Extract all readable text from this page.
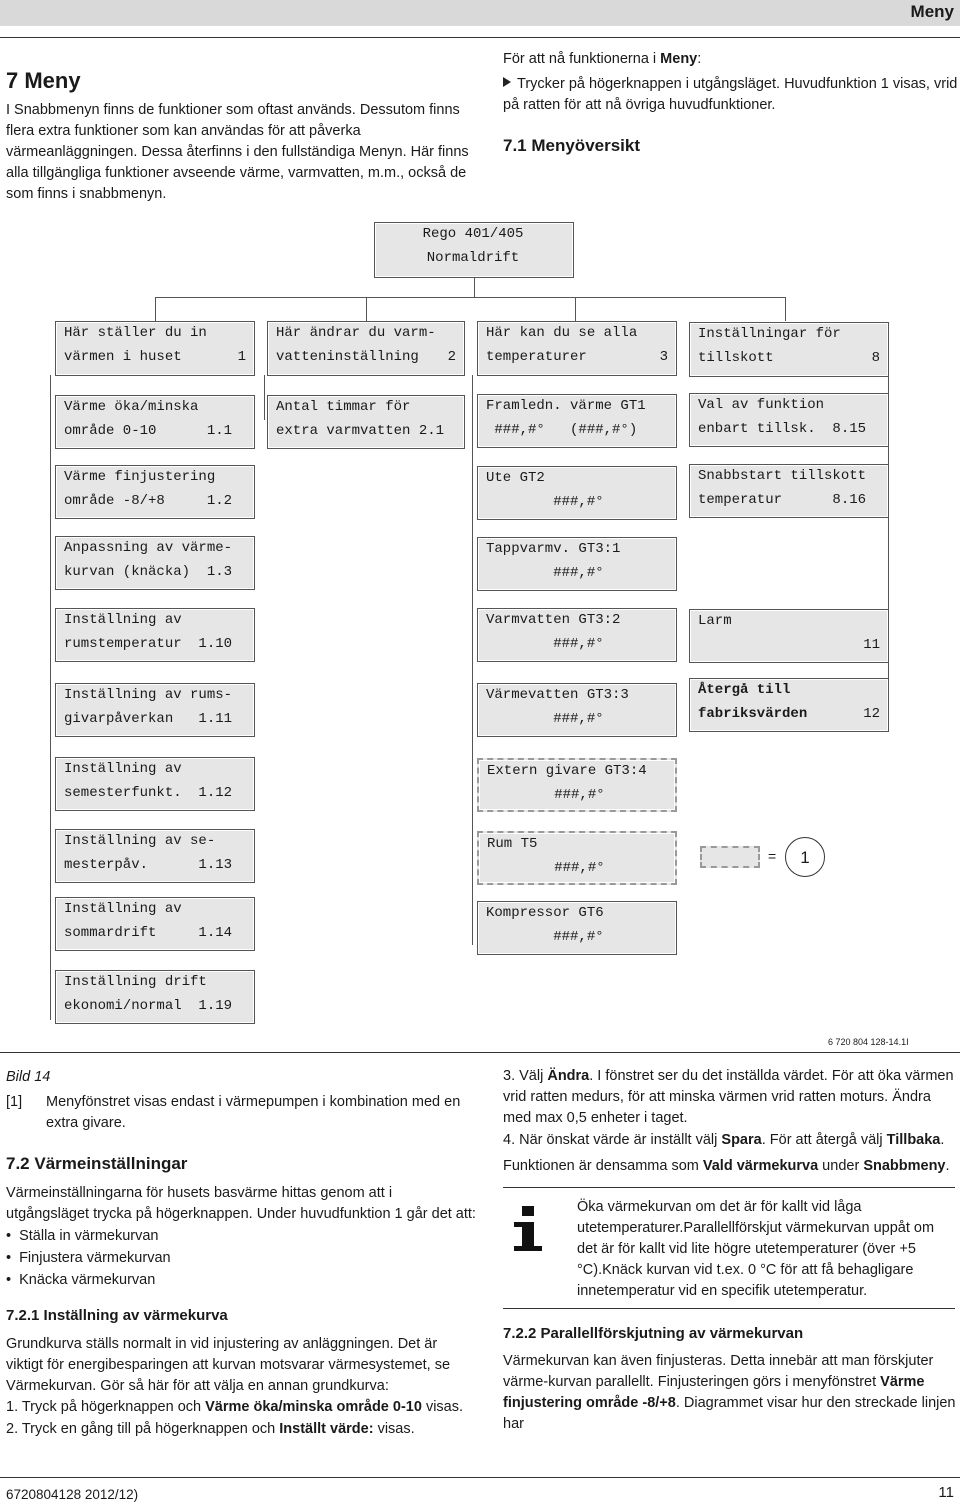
Meny
7 Meny
I Snabbmenyn finns de funktioner som oftast används. Dessutom finns flera extra funktioner som kan användas för att påverka värmeanläggningen. Dessa återfinns i den fullständiga Menyn. Här finns alla tillgängliga funktioner avseende värme, varmvatten, m.m., också de som finns i snabbmenyn.
För att nå funktionerna i Meny:
Trycker på högerknappen i utgångsläget. Huvudfunktion 1 visas, vrid på ratten för att nå övriga huvudfunktioner.
7.1 Menyöversikt
Rego 401/405
Normaldrift
Här ställer du in
värmen i huset	1
Här ändrar du varm-
vatteninställning	2
Här kan du se alla
temperaturer	3
Inställningar för
tillskott	8
Värme öka/minska
område 0-10      1.1
Värme finjustering
område -8/+8     1.2
Anpassning av värme-
kurvan (knäcka)  1.3
Inställning av
rumstemperatur  1.10
Inställning av rums-
givarpåverkan   1.11
Inställning av
semesterfunkt.  1.12
Inställning av se-
mesterpåv.      1.13
Inställning av
sommardrift     1.14
Inställning drift
ekonomi/normal  1.19
Antal timmar för
extra varmvatten 2.1
Framledn. värme GT1
###,#°   (###,#°)
Ute GT2
###,#°
Tappvarmv. GT3:1
###,#°
Varmvatten GT3:2
###,#°
Värmevatten GT3:3
###,#°
Extern givare GT3:4
###,#°
Rum T5
###,#°
Kompressor GT6
###,#°
Val av funktion
enbart tillsk.  8.15
Snabbstart tillskott
temperatur      8.16
Larm
11
Återgå till
fabriksvärden	12
=	1
6 720 804 128-14.1I
Bild 14
[1] Menyfönstret visas endast i värmepumpen i kombination med en extra givare.
7.2 Värmeinställningar
Värmeinställningarna för husets basvärme hittas genom att i utgångsläget trycka på högerknappen. Under huvudfunktion 1 går det att:
• Ställa in värmekurvan
• Finjustera värmekurvan
• Knäcka värmekurvan
7.2.1 Inställning av värmekurva
Grundkurva ställs normalt in vid injustering av anläggningen. Det är viktigt för energibesparingen att kurvan motsvarar värmesystemet, se Värmekurvan. Gör så här för att välja en annan grundkurva:
1. Tryck på högerknappen och Värme öka/minska område 0-10 visas.
2. Tryck en gång till på högerknappen och Inställt värde: visas.
3. Välj Ändra. I fönstret ser du det inställda värdet. För att öka värmen vrid ratten medurs, för att minska värmen vrid ratten moturs. Ändra med max 0,5 enheter i taget.
4. När önskat värde är inställt välj Spara. För att återgå välj Tillbaka.
Funktionen är densamma som Vald värmekurva under Snabbmeny.
Öka värmekurvan om det är för kallt vid låga utetemperaturer.Parallellförskjut värmekurvan uppåt om det är för kallt vid lite högre utetemperaturer (över +5 °C).Knäck kurvan vid t.ex. 0 °C för att få behagligare innetemperatur vid en specifik utetemperatur.
7.2.2 Parallellförskjutning av värmekurvan
Värmekurvan kan även finjusteras. Detta innebär att man förskjuter värme-kurvan parallellt. Finjusteringen görs i menyfönstret Värme finjustering område -8/+8. Diagrammet visar hur den streckade linjen har
6720804128 2012/12)	11
